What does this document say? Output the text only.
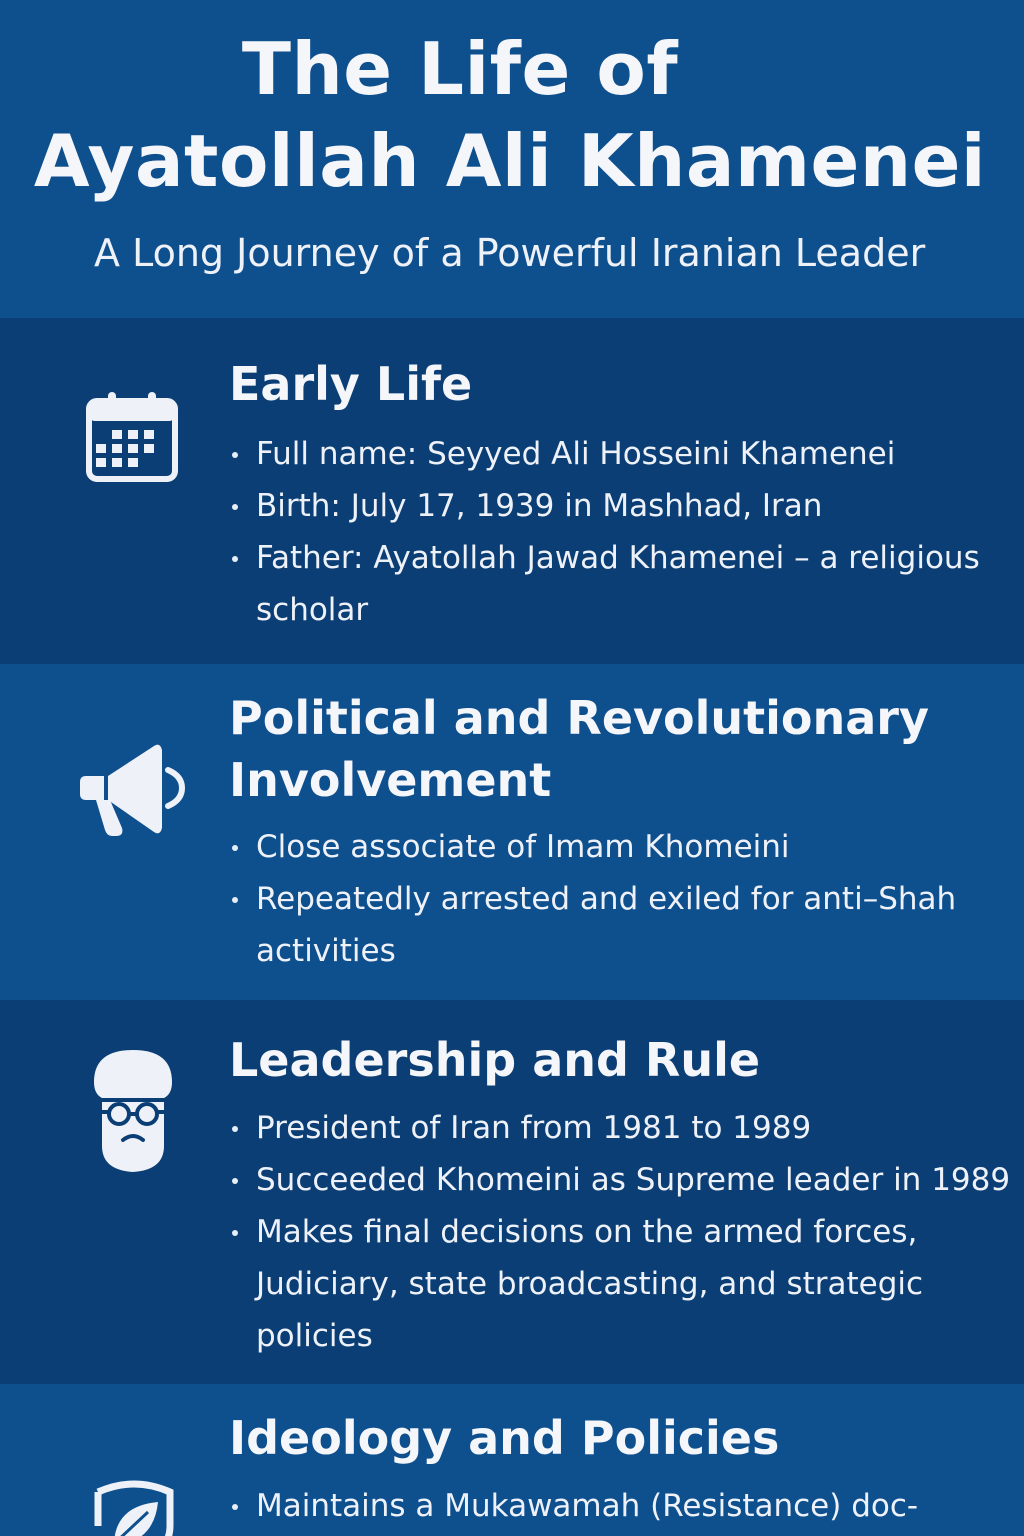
The Life of
Ayatollah Ali Khamenei
A Long Journey of a Powerful Iranian Leader
Early Life
Full name: Seyyed Ali Hosseini Khamenei
Birth: July 17, 1939 in Mashhad, Iran
Father: Ayatollah Jawad Khamenei – a religious scholar
Political and Revolutionary
Involvement
Close associate of Imam Khomeini
Repeatedly arrested and exiled for anti–Shah activities
Leadership and Rule
President of Iran from 1981 to 1989
Succeeded Khomeini as Supreme leader in 1989
Makes final decisions on the armed forces, Judiciary, state broadcasting, and strategic policies
Ideology and Policies
Maintains a Mukawamah (Resistance) doc-
